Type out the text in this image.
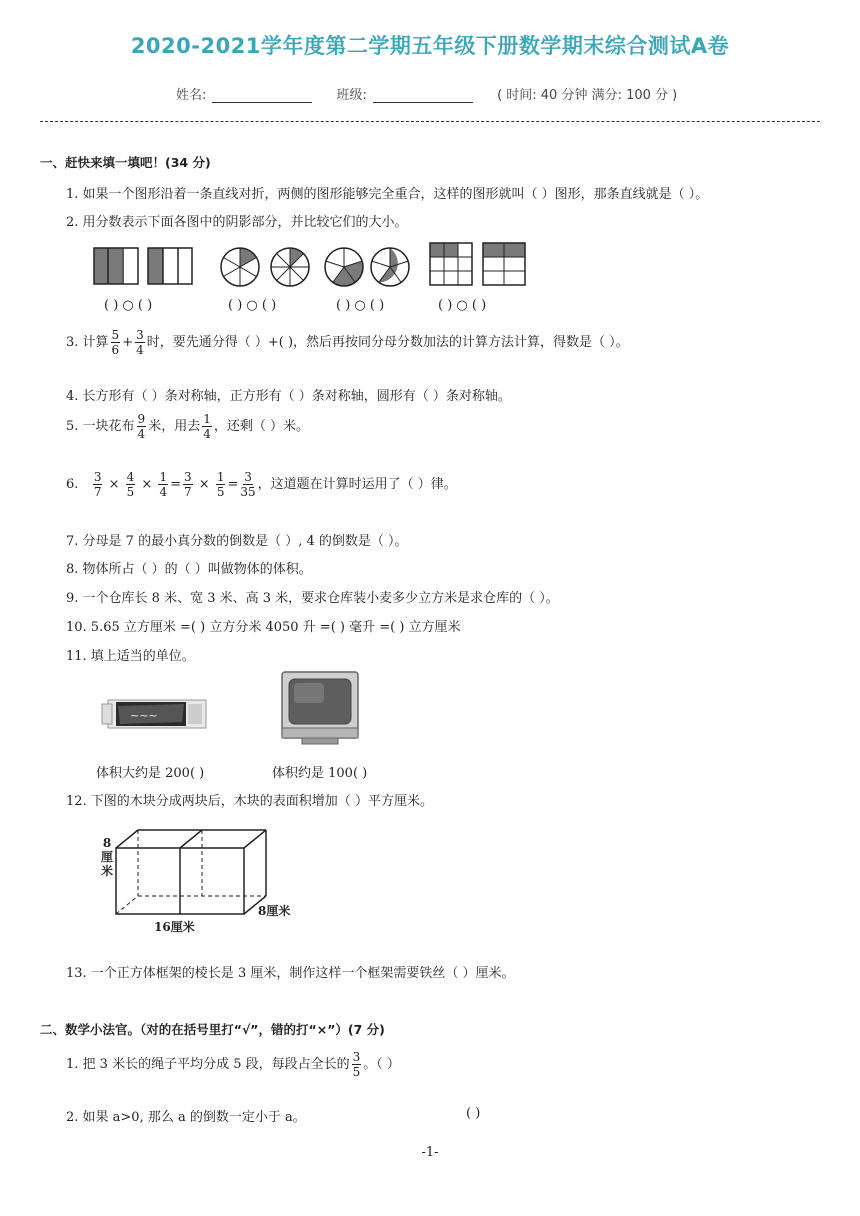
2020-2021学年度第二学期五年级下册数学期末综合测试A卷
姓名:	班级:	( 时间: 40 分钟 满分: 100 分 )
一、赶快来填一填吧！(34 分)
1. 如果一个图形沿着一条直线对折，两侧的图形能够完全重合，这样的图形就叫（ ）图形，那条直线就是（ ）。
2. 用分数表示下面各图中的阴影部分，并比较它们的大小。
( ) ○ ( )	( ) ○ ( )	( ) ○ ( )	( ) ○ ( )
3. 计算 $\frac{5}{6} + \frac{3}{4}$ 时，要先通分得（ ）+( )，然后再按同分母分数加法的计算方法计算，得数是（ ）。
4. 长方形有（ ）条对称轴，正方形有（ ）条对称轴，圆形有（ ）条对称轴。
5. 一块花布 $\frac{9}{4}$ 米，用去 $\frac{1}{4}$ ，还剩（ ）米。
6. $\frac{3}{7} \times \frac{4}{5} \times \frac{1}{4} = \frac{3}{7} \times \frac{1}{5} = \frac{3}{35}$ ，这道题在计算时运用了（ ）律。
7. 分母是 7 的最小真分数的倒数是（ ）, 4 的倒数是（ ）。
8. 物体所占（ ）的（ ）叫做物体的体积。
9. 一个仓库长 8 米、宽 3 米、高 3 米，要求仓库装小麦多少立方米是求仓库的（ ）。
10. 5.65 立方厘米 =( ) 立方分米 4050 升 =( ) 毫升 =( ) 立方厘米
11. 填上适当的单位。
~~~
体积大约是 200( )	体积约是 100( )
12. 下图的木块分成两块后，木块的表面积增加（ ）平方厘米。
8
厘
米
16厘米
8厘米
13. 一个正方体框架的棱长是 3 厘米，制作这样一个框架需要铁丝（ ）厘米。
二、数学小法官。（对的在括号里打“√”，错的打“×”）(7 分)
1. 把 3 米长的绳子平均分成 5 段，每段占全长的 $\frac{3}{5}$ 。（ ）
2. 如果 a>0, 那么 a 的倒数一定小于 a。	( )
-1-
